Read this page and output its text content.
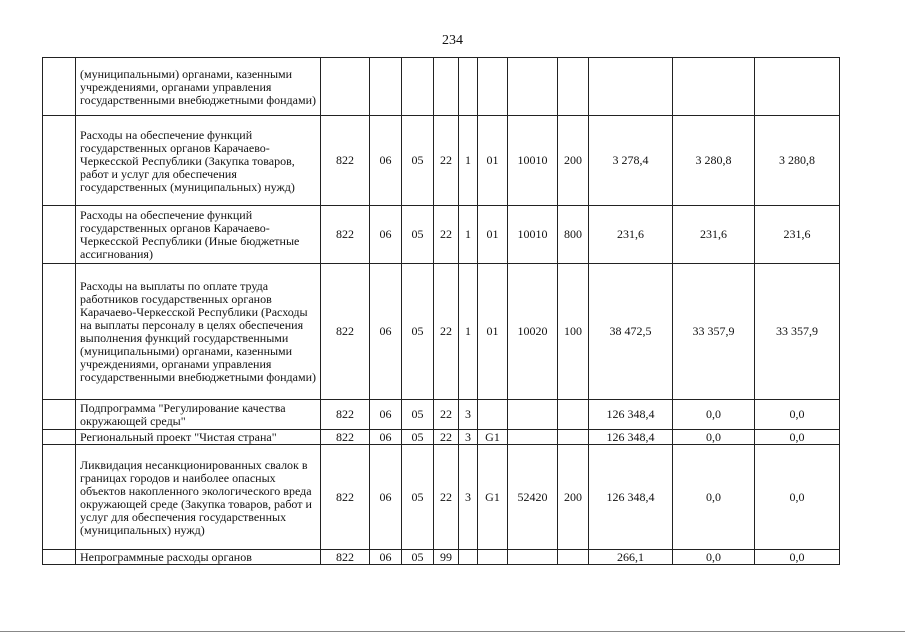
234
	(муниципальными) органами, казенными учреждениями, органами управления государственными внебюджетными фондами)											
	Расходы на обеспечение функций государственных органов Карачаево-Черкесской Республики (Закупка товаров, работ и услуг для обеспечения государственных (муниципальных) нужд)	822	06	05	22	1	01	10010	200	3 278,4	3 280,8	3 280,8
	Расходы на обеспечение функций государственных органов Карачаево-Черкесской Республики (Иные бюджетные ассигнования)	822	06	05	22	1	01	10010	800	231,6	231,6	231,6
	Расходы на выплаты по оплате труда работников государственных органов Карачаево-Черкесской Республики (Расходы на выплаты персоналу в целях обеспечения выполнения функций государственными (муниципальными) органами, казенными учреждениями, органами управления государственными внебюджетными фондами)	822	06	05	22	1	01	10020	100	38 472,5	33 357,9	33 357,9
	Подпрограмма "Регулирование качества окружающей среды"	822	06	05	22	3				126 348,4	0,0	0,0
	Региональный проект "Чистая страна"	822	06	05	22	3	G1			126 348,4	0,0	0,0
	Ликвидация несанкционированных свалок в границах городов и наиболее опасных объектов накопленного экологического вреда окружающей среде (Закупка товаров, работ и услуг для обеспечения государственных (муниципальных) нужд)	822	06	05	22	3	G1	52420	200	126 348,4	0,0	0,0
	Непрограммные расходы органов	822	06	05	99					266,1	0,0	0,0
